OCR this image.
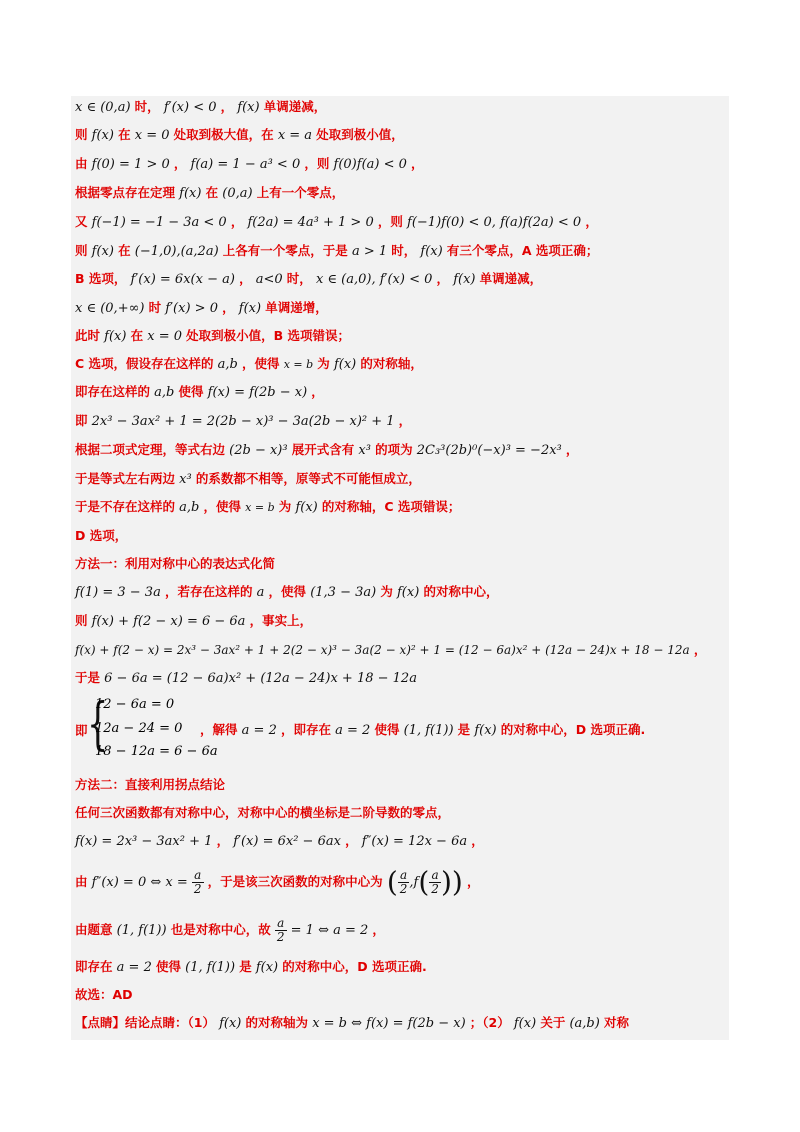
x ∈ (0,a) 时， f′(x) < 0 ， f(x) 单调递减，
则 f(x) 在 x = 0 处取到极大值，在 x = a 处取到极小值，
由 f(0) = 1 > 0 ， f(a) = 1 − a³ < 0 ，则 f(0)f(a) < 0 ，
根据零点存在定理 f(x) 在 (0,a) 上有一个零点，
又 f(−1) = −1 − 3a < 0 ， f(2a) = 4a³ + 1 > 0 ，则 f(−1)f(0) < 0, f(a)f(2a) < 0 ，
则 f(x) 在 (−1,0),(a,2a) 上各有一个零点，于是 a > 1 时， f(x) 有三个零点，A 选项正确；
B 选项， f′(x) = 6x(x − a) ， a<0 时， x ∈ (a,0), f′(x) < 0 ， f(x) 单调递减，
x ∈ (0,+∞) 时 f′(x) > 0 ， f(x) 单调递增，
此时 f(x) 在 x = 0 处取到极小值，B 选项错误；
C 选项，假设存在这样的 a,b ，使得 x = b 为 f(x) 的对称轴，
即存在这样的 a,b 使得 f(x) = f(2b − x) ，
即 2x³ − 3ax² + 1 = 2(2b − x)³ − 3a(2b − x)² + 1 ，
根据二项式定理，等式右边 (2b − x)³ 展开式含有 x³ 的项为 2C₃³(2b)⁰(−x)³ = −2x³ ，
于是等式左右两边 x³ 的系数都不相等，原等式不可能恒成立，
于是不存在这样的 a,b ，使得 x = b 为 f(x) 的对称轴，C 选项错误；
D 选项，
方法一：利用对称中心的表达式化简
f(1) = 3 − 3a ，若存在这样的 a ，使得 (1,3 − 3a) 为 f(x) 的对称中心，
则 f(x) + f(2 − x) = 6 − 6a ，事实上，
f(x) + f(2 − x) = 2x³ − 3ax² + 1 + 2(2 − x)³ − 3a(2 − x)² + 1 = (12 − 6a)x² + (12a − 24)x + 18 − 12a ，
于是 6 − 6a = (12 − 6a)x² + (12a − 24)x + 18 − 12a
即 {
12 − 6a = 0
12a − 24 = 0
18 − 12a = 6 − 6a
，解得 a = 2 ，即存在 a = 2 使得 (1, f(1)) 是 f(x) 的对称中心，D 选项正确.
方法二：直接利用拐点结论
任何三次函数都有对称中心，对称中心的横坐标是二阶导数的零点，
f(x) = 2x³ − 3ax² + 1 ， f′(x) = 6x² − 6ax ， f″(x) = 12x − 6a ，
由 f″(x) = 0 ⇔ $x = \frac{a}{2}$ ，于是该三次函数的对称中心为 ( $\frac{a}{2} ,f( \frac{a}{2}$ )) ，
由题意 (1, f(1)) 也是对称中心，故 $\frac{a}{2} = 1$ ⇔ a = 2 ，
即存在 a = 2 使得 (1, f(1)) 是 f(x) 的对称中心，D 选项正确.
故选：AD
【点睛】结论点睛：（1） f(x) 的对称轴为 x = b ⇔ f(x) = f(2b − x) ；（2） f(x) 关于 (a,b) 对称
